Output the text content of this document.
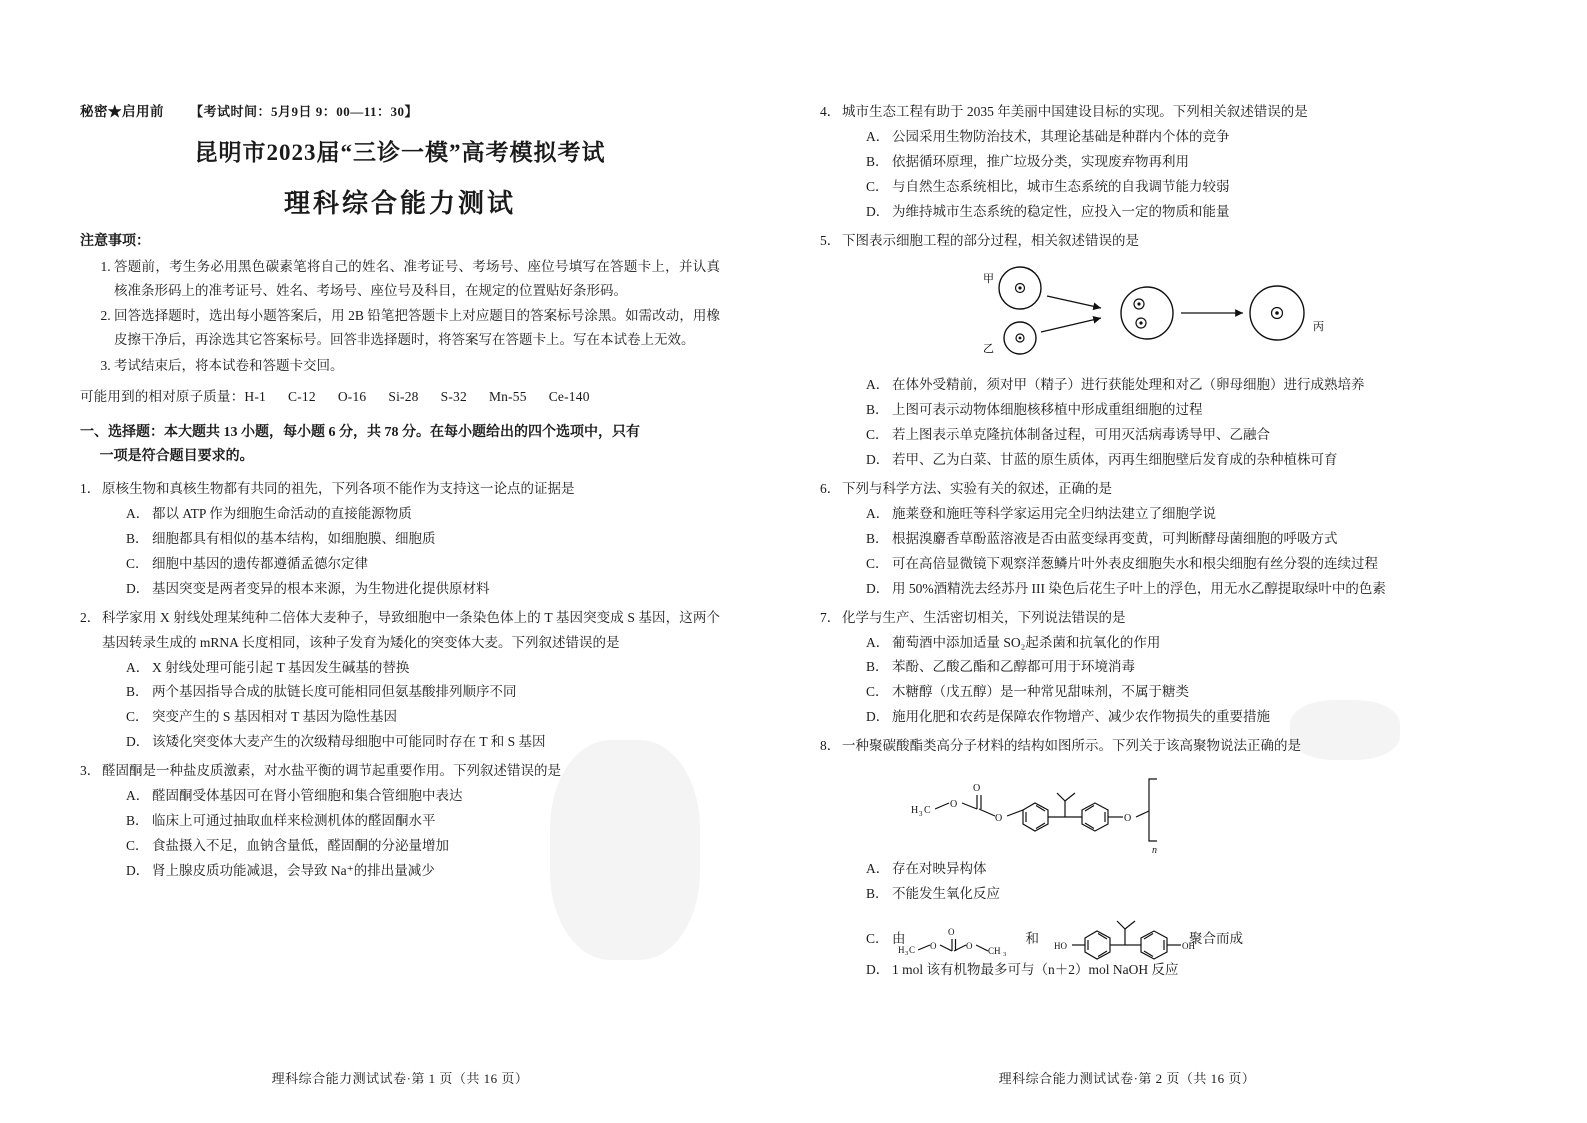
秘密★启用前 【考试时间：5月9日 9：00—11：30】
昆明市2023届“三诊一模”高考模拟考试
理科综合能力测试
注意事项：
1. 答题前，考生务必用黑色碳素笔将自己的姓名、准考证号、考场号、座位号填写在答题卡上，并认真核准条形码上的准考证号、姓名、考场号、座位号及科目，在规定的位置贴好条形码。
2. 回答选择题时，选出每小题答案后，用 2B 铅笔把答题卡上对应题目的答案标号涂黑。如需改动，用橡皮擦干净后，再涂选其它答案标号。回答非选择题时，将答案写在答题卡上。写在本试卷上无效。
3. 考试结束后，将本试卷和答题卡交回。
可能用到的相对原子质量：H-1 C-12 O-16 Si-28 S-32 Mn-55 Ce-140
一、选择题：本大题共 13 小题，每小题 6 分，共 78 分。在每小题给出的四个选项中，只有
一项是符合题目要求的。
1． 原核生物和真核生物都有共同的祖先，下列各项不能作为支持这一论点的证据是
A． 都以 ATP 作为细胞生命活动的直接能源物质
B． 细胞都具有相似的基本结构，如细胞膜、细胞质
C． 细胞中基因的遗传都遵循孟德尔定律
D． 基因突变是两者变异的根本来源，为生物进化提供原材料
2． 科学家用 X 射线处理某纯种二倍体大麦种子，导致细胞中一条染色体上的 T 基因突变成 S 基因，这两个基因转录生成的 mRNA 长度相同，该种子发育为矮化的突变体大麦。下列叙述错误的是
A． X 射线处理可能引起 T 基因发生碱基的替换
B． 两个基因指导合成的肽链长度可能相同但氨基酸排列顺序不同
C． 突变产生的 S 基因相对 T 基因为隐性基因
D． 该矮化突变体大麦产生的次级精母细胞中可能同时存在 T 和 S 基因
3． 醛固酮是一种盐皮质激素，对水盐平衡的调节起重要作用。下列叙述错误的是
A． 醛固酮受体基因可在肾小管细胞和集合管细胞中表达
B． 临床上可通过抽取血样来检测机体的醛固酮水平
C． 食盐摄入不足，血钠含量低，醛固酮的分泌量增加
D． 肾上腺皮质功能减退，会导致 Na⁺的排出量减少
4． 城市生态工程有助于 2035 年美丽中国建设目标的实现。下列相关叙述错误的是
A． 公园采用生物防治技术，其理论基础是种群内个体的竞争
B． 依据循环原理，推广垃圾分类，实现废弃物再利用
C． 与自然生态系统相比，城市生态系统的自我调节能力较弱
D． 为维持城市生态系统的稳定性，应投入一定的物质和能量
5． 下图表示细胞工程的部分过程，相关叙述错误的是
甲
乙
丙
A． 在体外受精前，须对甲（精子）进行获能处理和对乙（卵母细胞）进行成熟培养
B． 上图可表示动物体细胞核移植中形成重组细胞的过程
C． 若上图表示单克隆抗体制备过程，可用灭活病毒诱导甲、乙融合
D． 若甲、乙为白菜、甘蓝的原生质体，丙再生细胞壁后发育成的杂种植株可育
6． 下列与科学方法、实验有关的叙述，正确的是
A． 施莱登和施旺等科学家运用完全归纳法建立了细胞学说
B． 根据溴麝香草酚蓝溶液是否由蓝变绿再变黄，可判断酵母菌细胞的呼吸方式
C． 可在高倍显微镜下观察洋葱鳞片叶外表皮细胞失水和根尖细胞有丝分裂的连续过程
D． 用 50%酒精洗去经苏丹 III 染色后花生子叶上的浮色，用无水乙醇提取绿叶中的色素
7． 化学与生产、生活密切相关，下列说法错误的是
A． 葡萄酒中添加适量 SO₂起杀菌和抗氧化的作用
B． 苯酚、乙酸乙酯和乙醇都可用于环境消毒
C． 木糖醇（戊五醇）是一种常见甜味剂，不属于糖类
D． 施用化肥和农药是保障农作物增产、减少农作物损失的重要措施
8． 一种聚碳酸酯类高分子材料的结构如图所示。下列关于该高聚物说法正确的是
H 3 C
O
O
O	O
n
A． 存在对映异构体
B． 不能发生氧化反应
H 3 C O
O
O CH 3
HO	OH
C． 由	和	聚合而成
D． 1 mol 该有机物最多可与（n＋2）mol NaOH 反应
理科综合能力测试试卷·第 1 页（共 16 页）	理科综合能力测试试卷·第 2 页（共 16 页）
